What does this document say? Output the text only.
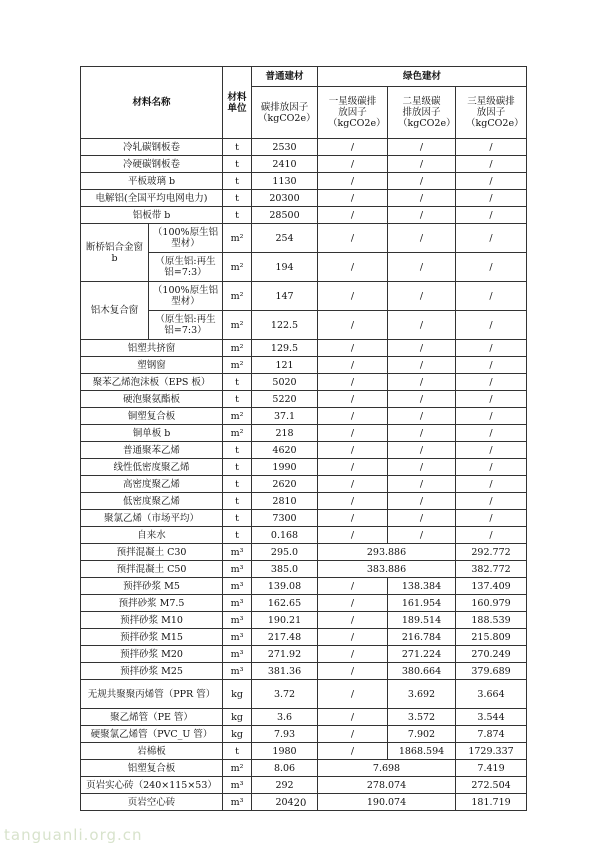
材料名称		材料单位	普通建材	绿色建材		
			碳排放因子（kgCO2e）	一星级碳排放因子（kgCO2e）	二星级碳排放因子（kgCO2e）	三星级碳排放因子（kgCO2e）
冷轧碳钢板卷		t	2530	/	/	/
冷硬碳钢板卷		t	2410	/	/	/
平板玻璃 b		t	1130	/	/	/
电解铝(全国平均电网电力)		t	20300	/	/	/
铝板带 b		t	28500	/	/	/
断桥铝合金窗 b	（100%原生铝型材）	m²	254	/	/	/
	（原生铝:再生铝=7:3）	m²	194	/	/	/
铝木复合窗	（100%原生铝型材）	m²	147	/	/	/
	（原生铝:再生铝=7:3）	m²	122.5	/	/	/
铝塑共挤窗		m²	129.5	/	/	/
塑钢窗		m²	121	/	/	/
聚苯乙烯泡沫板（EPS 板）		t	5020	/	/	/
硬泡聚氨酯板		t	5220	/	/	/
铜塑复合板		m²	37.1	/	/	/
铜单板 b		m²	218	/	/	/
普通聚苯乙烯		t	4620	/	/	/
线性低密度聚乙烯		t	1990	/	/	/
高密度聚乙烯		t	2620	/	/	/
低密度聚乙烯		t	2810	/	/	/
聚氯乙烯（市场平均）		t	7300	/	/	/
自来水		t	0.168	/	/	/
预拌混凝土 C30		m³	295.0	293.886		292.772
预拌混凝土 C50		m³	385.0	383.886		382.772
预拌砂浆 M5		m³	139.08	/	138.384	137.409
预拌砂浆 M7.5		m³	162.65	/	161.954	160.979
预拌砂浆 M10		m³	190.21	/	189.514	188.539
预拌砂浆 M15		m³	217.48	/	216.784	215.809
预拌砂浆 M20		m³	271.92	/	271.224	270.249
预拌砂浆 M25		m³	381.36	/	380.664	379.689
无规共聚聚丙烯管（PPR 管）		kg	3.72	/	3.692	3.664
聚乙烯管（PE 管）		kg	3.6	/	3.572	3.544
硬聚氯乙烯管（PVC_U 管）		kg	7.93	/	7.902	7.874
岩棉板		t	1980	/	1868.594	1729.337
铝塑复合板		m²	8.06	7.698		7.419
页岩实心砖（240×115×53）		m³	292	278.074		272.504
页岩空心砖		m³	204	190.074		181.719
20
tanguanli.org.cn
